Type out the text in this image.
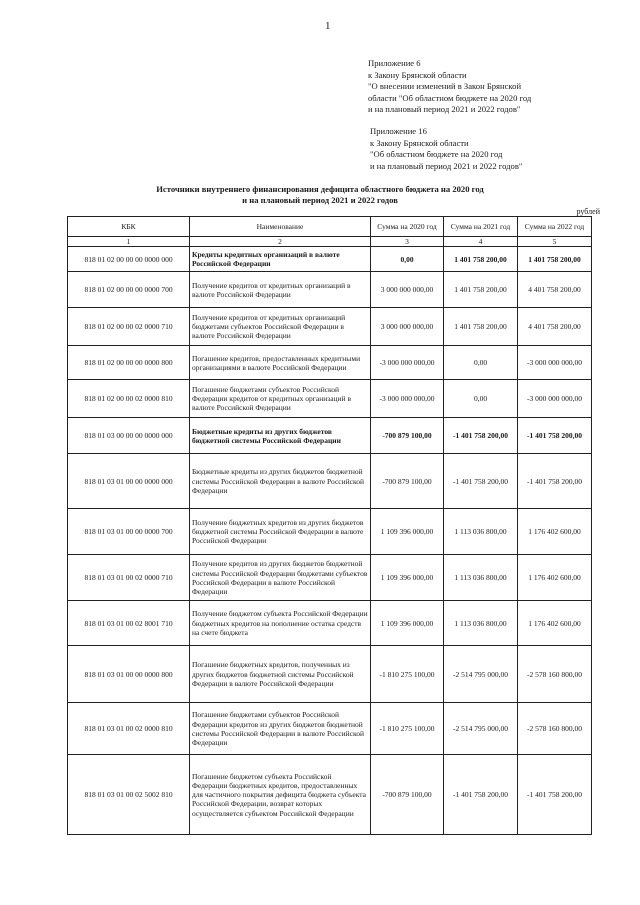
1
Приложение 6
к Закону Брянской области
"О внесении изменений в Закон Брянской
области "Об областном бюджете на 2020 год
и на плановый период 2021 и 2022 годов"
Приложение 16
к Закону Брянской области
"Об областном бюджете на 2020 год
и на плановый период 2021 и 2022 годов"
Источники внутреннего финансирования дефицита областного бюджета на 2020 год
и на плановый период 2021 и 2022 годов
рублей
КБК	Наименование	Сумма на 2020 год	Сумма на 2021 год	Сумма на 2022 год
1	2	3	4	5
818 01 02 00 00 00 0000 000	Кредиты кредитных организаций в валюте Российской Федерации	0,00	1 401 758 200,00	1 401 758 200,00
818 01 02 00 00 00 0000 700	Получение кредитов от кредитных организаций в валюте Российской Федерации	3 000 000 000,00	1 401 758 200,00	4 401 758 200,00
818 01 02 00 00 02 0000 710	Получение кредитов от кредитных организаций бюджетами субъектов Российской Федерации в валюте Российской Федерации	3 000 000 000,00	1 401 758 200,00	4 401 758 200,00
818 01 02 00 00 00 0000 800	Погашение кредитов, предоставленных кредитными организациями в валюте Российской Федерации	-3 000 000 000,00	0,00	-3 000 000 000,00
818 01 02 00 00 02 0000 810	Погашение бюджетами субъектов Российской Федерации кредитов от кредитных организаций в валюте Российской Федерации	-3 000 000 000,00	0,00	-3 000 000 000,00
818 01 03 00 00 00 0000 000	Бюджетные кредиты из других бюджетов бюджетной системы Российской Федерации	-700 879 100,00	-1 401 758 200,00	-1 401 758 200,00
818 01 03 01 00 00 0000 000	Бюджетные кредиты из других бюджетов бюджетной системы Российской Федерации в валюте Российской Федерации	-700 879 100,00	-1 401 758 200,00	-1 401 758 200,00
818 01 03 01 00 00 0000 700	Получение бюджетных кредитов из других бюджетов бюджетной системы Российской Федерации в валюте Российской Федерации	1 109 396 000,00	1 113 036 800,00	1 176 402 600,00
818 01 03 01 00 02 0000 710	Получение кредитов из других бюджетов бюджетной системы Российской Федерации бюджетами субъектов Российской Федерации в валюте Российской Федерации	1 109 396 000,00	1 113 036 800,00	1 176 402 600,00
818 01 03 01 00 02 8001 710	Получение бюджетом субъекта Российской Федерации бюджетных кредитов на пополнение остатка средств на счете бюджета	1 109 396 000,00	1 113 036 800,00	1 176 402 600,00
818 01 03 01 00 00 0000 800	Погашение бюджетных кредитов, полученных из других бюджетов бюджетной системы Российской Федерации в валюте Российской Федерации	-1 810 275 100,00	-2 514 795 000,00	-2 578 160 800,00
818 01 03 01 00 02 0000 810	Погашение бюджетами субъектов Российской Федерации кредитов из других бюджетов бюджетной системы Российской Федерации в валюте Российской Федерации	-1 810 275 100,00	-2 514 795 000,00	-2 578 160 800,00
818 01 03 01 00 02 5002 810	Погашение бюджетом субъекта Российской Федерации бюджетных кредитов, предоставленных для частичного покрытия дефицита бюджета субъекта Российской Федерации, возврат которых осуществляется субъектом Российской Федерации	-700 879 100,00	-1 401 758 200,00	-1 401 758 200,00
